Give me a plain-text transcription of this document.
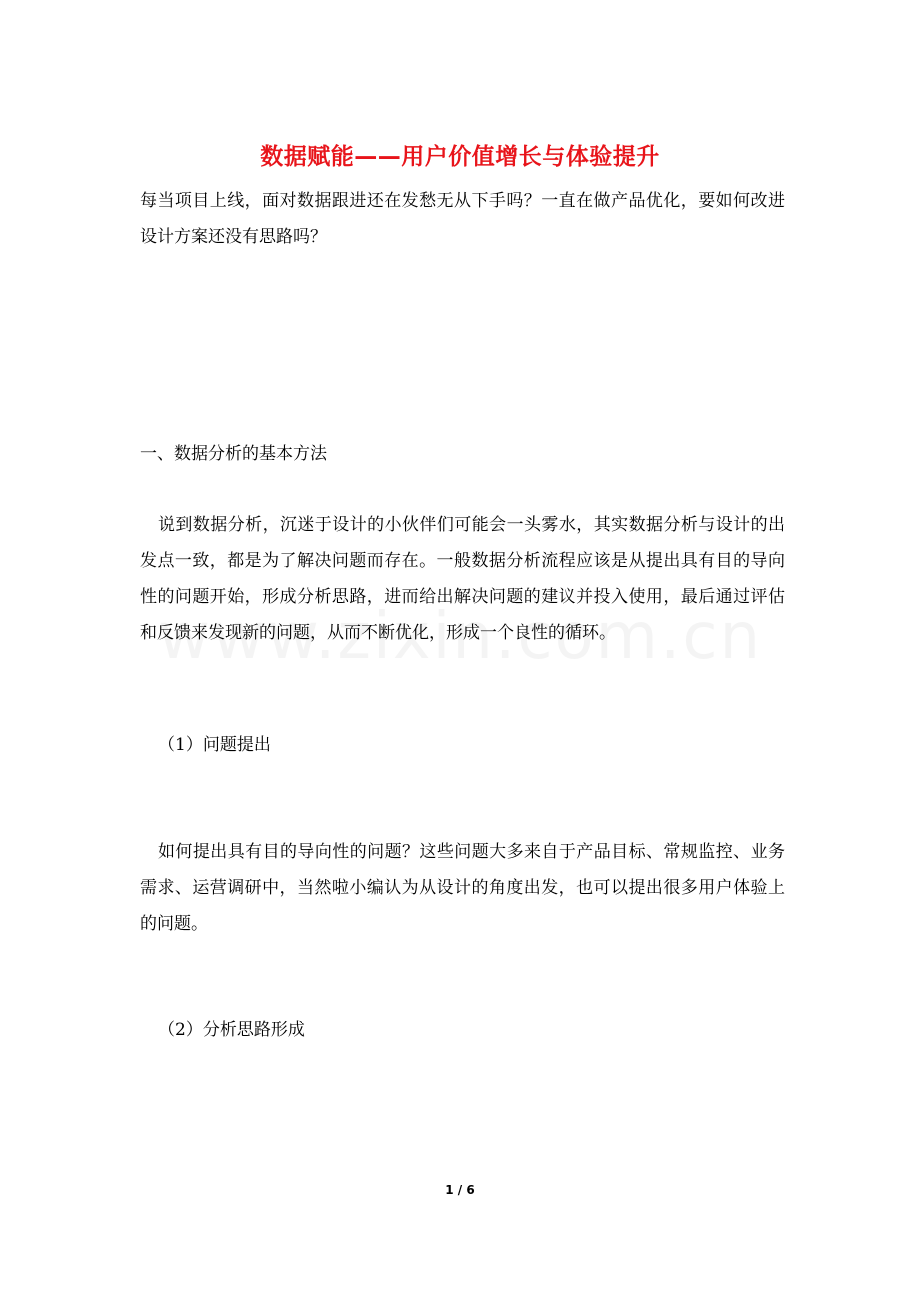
数据赋能——用户价值增长与体验提升
每当项目上线，面对数据跟进还在发愁无从下手吗？一直在做产品优化，要如何改进设计方案还没有思路吗？
一、数据分析的基本方法
说到数据分析，沉迷于设计的小伙伴们可能会一头雾水，其实数据分析与设计的出发点一致，都是为了解决问题而存在。一般数据分析流程应该是从提出具有目的导向性的问题开始，形成分析思路，进而给出解决问题的建议并投入使用，最后通过评估和反馈来发现新的问题，从而不断优化，形成一个良性的循环。
（1）问题提出
如何提出具有目的导向性的问题？这些问题大多来自于产品目标、常规监控、业务需求、运营调研中，当然啦小编认为从设计的角度出发，也可以提出很多用户体验上的问题。
（2）分析思路形成
1 / 6
